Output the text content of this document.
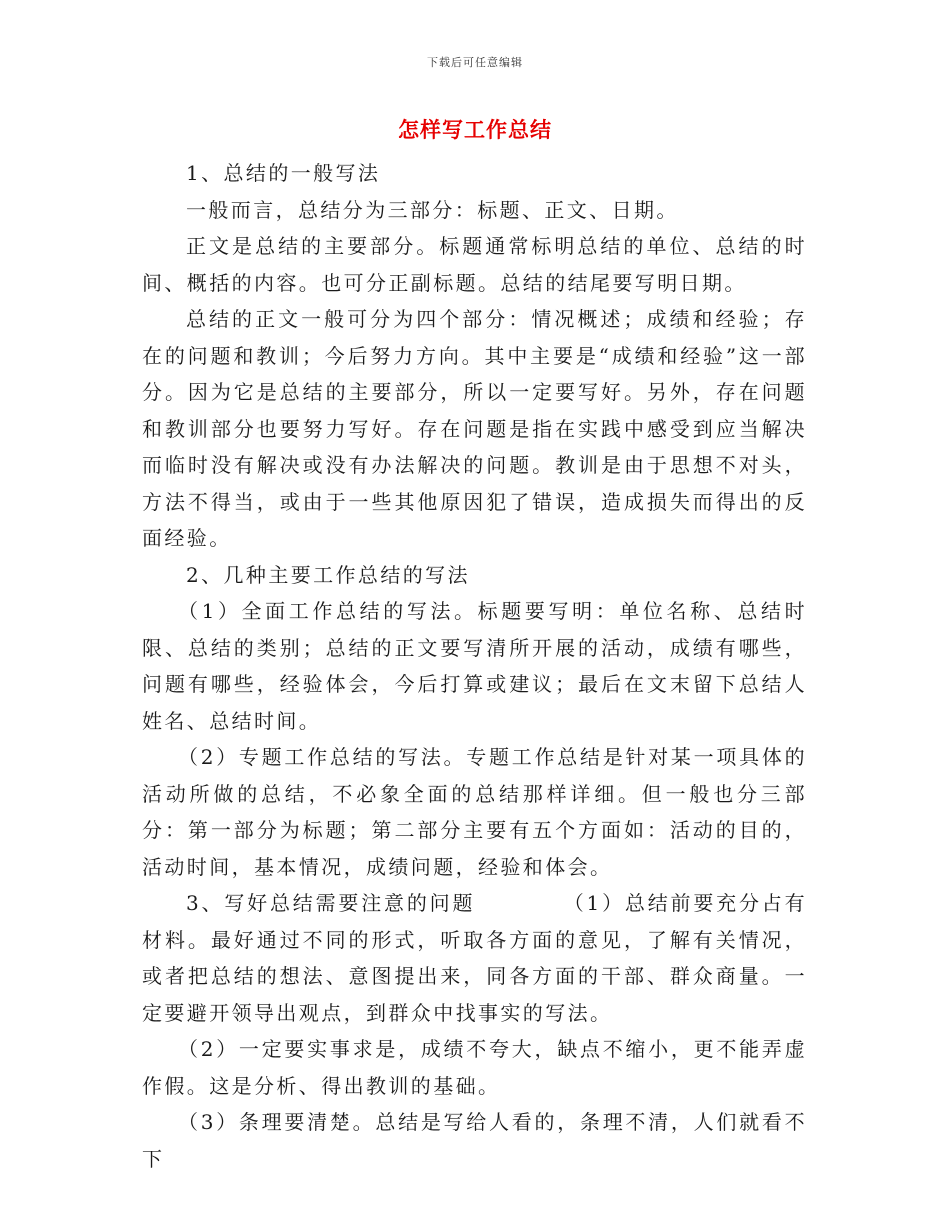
下载后可任意编辑
怎样写工作总结

1、总结的一般写法

一般而言，总结分为三部分：标题、正文、日期。

正文是总结的主要部分。标题通常标明总结的单位、总结的时间、概括的内容。也可分正副标题。总结的结尾要写明日期。

总结的正文一般可分为四个部分：情况概述；成绩和经验；存在的问题和教训；今后努力方向。其中主要是“成绩和经验”这一部分。因为它是总结的主要部分，所以一定要写好。另外，存在问题和教训部分也要努力写好。存在问题是指在实践中感受到应当解决而临时没有解决或没有办法解决的问题。教训是由于思想不对头，方法不得当，或由于一些其他原因犯了错误，造成损失而得出的反面经验。

2、几种主要工作总结的写法

（1）全面工作总结的写法。标题要写明：单位名称、总结时限、总结的类别；总结的正文要写清所开展的活动，成绩有哪些，问题有哪些，经验体会，今后打算或建议；最后在文末留下总结人姓名、总结时间。

（2）专题工作总结的写法。专题工作总结是针对某一项具体的活动所做的总结，不必象全面的总结那样详细。但一般也分三部分：第一部分为标题；第二部分主要有五个方面如：活动的目的，活动时间，基本情况，成绩问题，经验和体会。

3、写好总结需要注意的问题	（1）总结前要充分占有材料。最好通过不同的形式，听取各方面的意见，了解有关情况，或者把总结的想法、意图提出来，同各方面的干部、群众商量。一定要避开领导出观点，到群众中找事实的写法。

（2）一定要实事求是，成绩不夸大，缺点不缩小，更不能弄虚作假。这是分析、得出教训的基础。

（3）条理要清楚。总结是写给人看的，条理不清，人们就看不下
